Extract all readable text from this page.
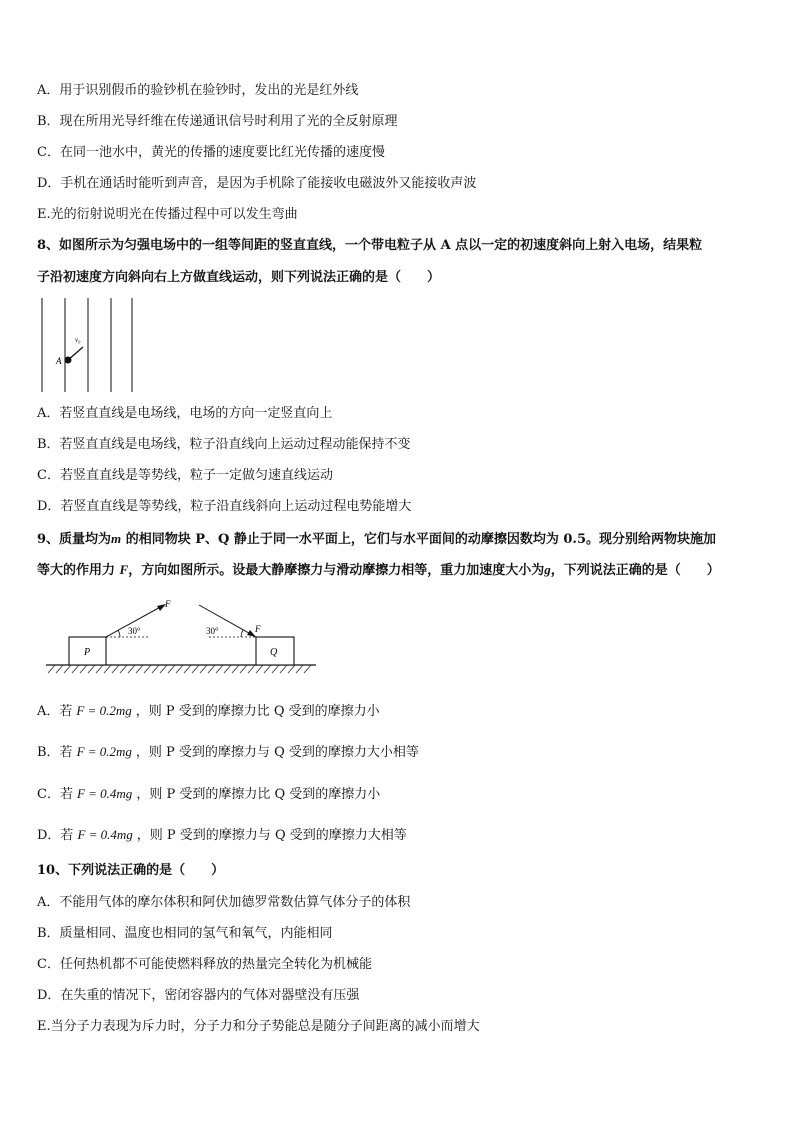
A．用于识别假币的验钞机在验钞时，发出的光是红外线
B．现在所用光导纤维在传递通讯信号时利用了光的全反射原理
C．在同一池水中，黄光的传播的速度要比红光传播的速度慢
D．手机在通话时能听到声音，是因为手机除了能接收电磁波外又能接收声波
E.光的衍射说明光在传播过程中可以发生弯曲
8、如图所示为匀强电场中的一组等间距的竖直直线，一个带电粒子从 A 点以一定的初速度斜向上射入电场，结果粒
子沿初速度方向斜向右上方做直线运动，则下列说法正确的是（　　）
A
v₀
A．若竖直直线是电场线，电场的方向一定竖直向上
B．若竖直直线是电场线，粒子沿直线向上运动过程动能保持不变
C．若竖直直线是等势线，粒子一定做匀速直线运动
D．若竖直直线是等势线，粒子沿直线斜向上运动过程电势能增大
9、质量均为m 的相同物块 P、Q 静止于同一水平面上，它们与水平面间的动摩擦因数均为 0.5。现分别给两物块施加
等大的作用力 F，方向如图所示。设最大静摩擦力与滑动摩擦力相等，重力加速度大小为g，下列说法正确的是（　　）
P
F
30°
Q
F
30°
A．若 F = 0.2mg ，则 P 受到的摩擦力比 Q 受到的摩擦力小
B．若 F = 0.2mg ，则 P 受到的摩擦力与 Q 受到的摩擦力大小相等
C．若 F = 0.4mg ，则 P 受到的摩擦力比 Q 受到的摩擦力小
D．若 F = 0.4mg ，则 P 受到的摩擦力与 Q 受到的摩擦力大相等
10、下列说法正确的是（　　）
A．不能用气体的摩尔体积和阿伏加德罗常数估算气体分子的体积
B．质量相同、温度也相同的氢气和氧气，内能相同
C．任何热机都不可能使燃料释放的热量完全转化为机械能
D．在失重的情况下，密闭容器内的气体对器壁没有压强
E.当分子力表现为斥力时，分子力和分子势能总是随分子间距离的减小而增大
